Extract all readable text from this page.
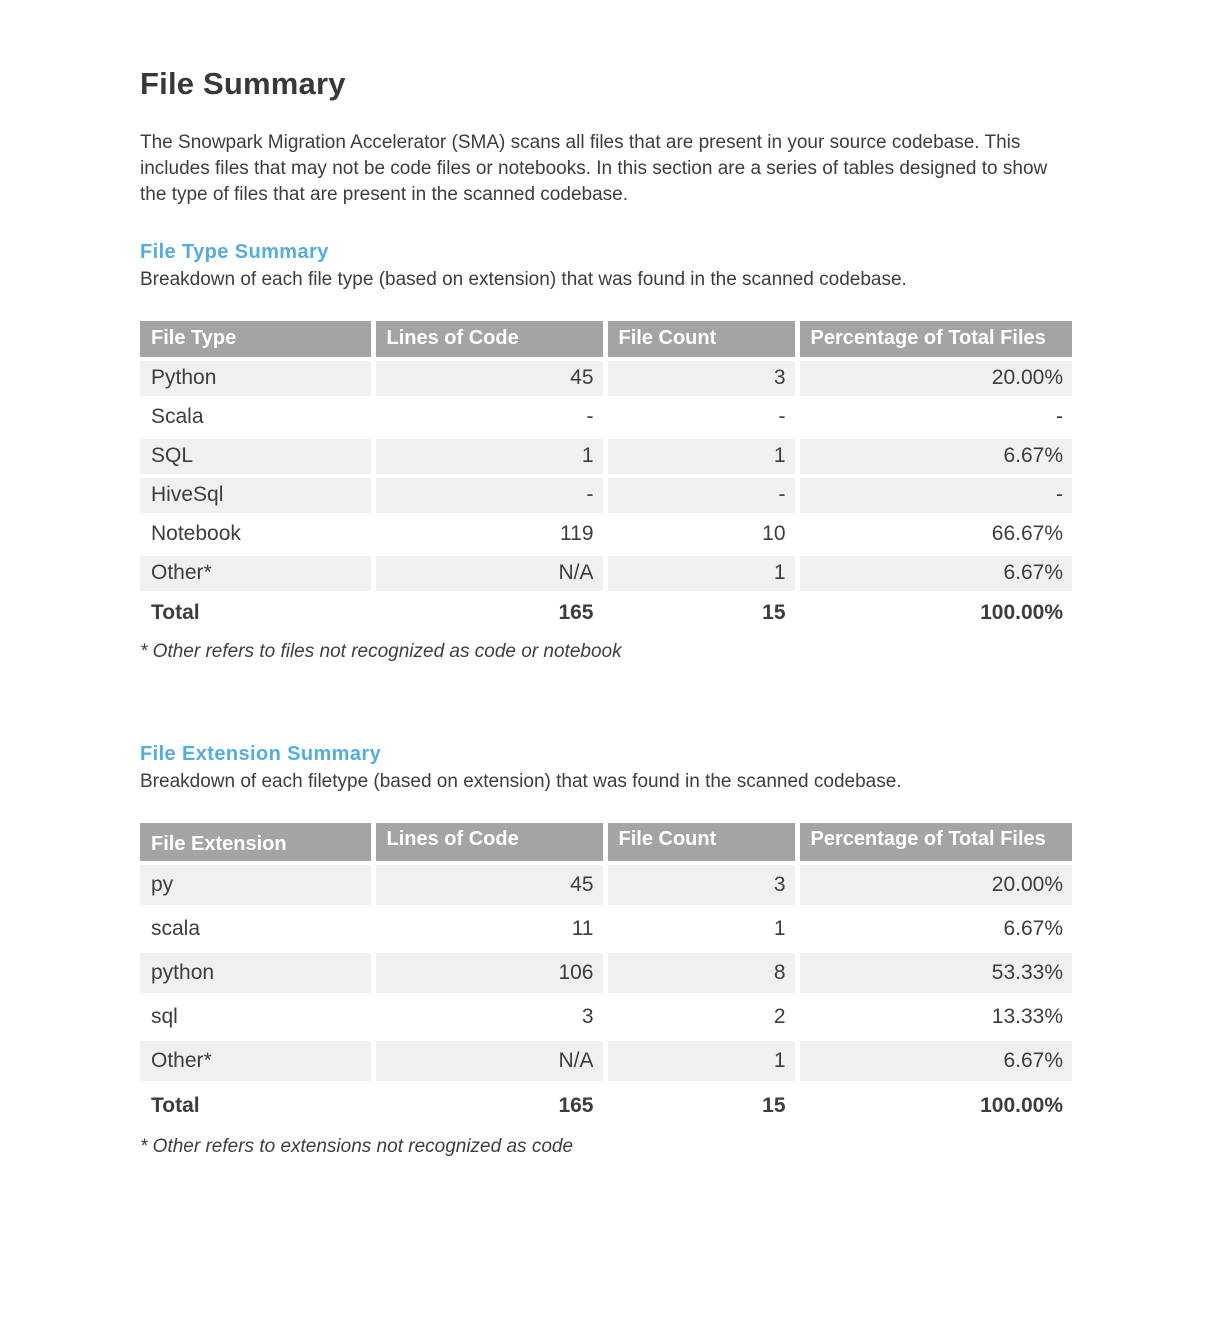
File Summary

The Snowpark Migration Accelerator (SMA) scans all files that are present in your source codebase. This includes files that may not be code files or notebooks. In this section are a series of tables designed to show the type of files that are present in the scanned codebase.

File Type Summary

Breakdown of each file type (based on extension) that was found in the scanned codebase.

File Type	Lines of Code	File Count	Percentage of Total Files
Python	45	3	20.00%
Scala	-	-	-
SQL	1	1	6.67%
HiveSql	-	-	-
Notebook	119	10	66.67%
Other*	N/A	1	6.67%
Total	165	15	100.00%

* Other refers to files not recognized as code or notebook

File Extension Summary

Breakdown of each filetype (based on extension) that was found in the scanned codebase.

File Extension	Lines of Code	File Count	Percentage of Total Files
py	45	3	20.00%
scala	11	1	6.67%
python	106	8	53.33%
sql	3	2	13.33%
Other*	N/A	1	6.67%
Total	165	15	100.00%

* Other refers to extensions not recognized as code
